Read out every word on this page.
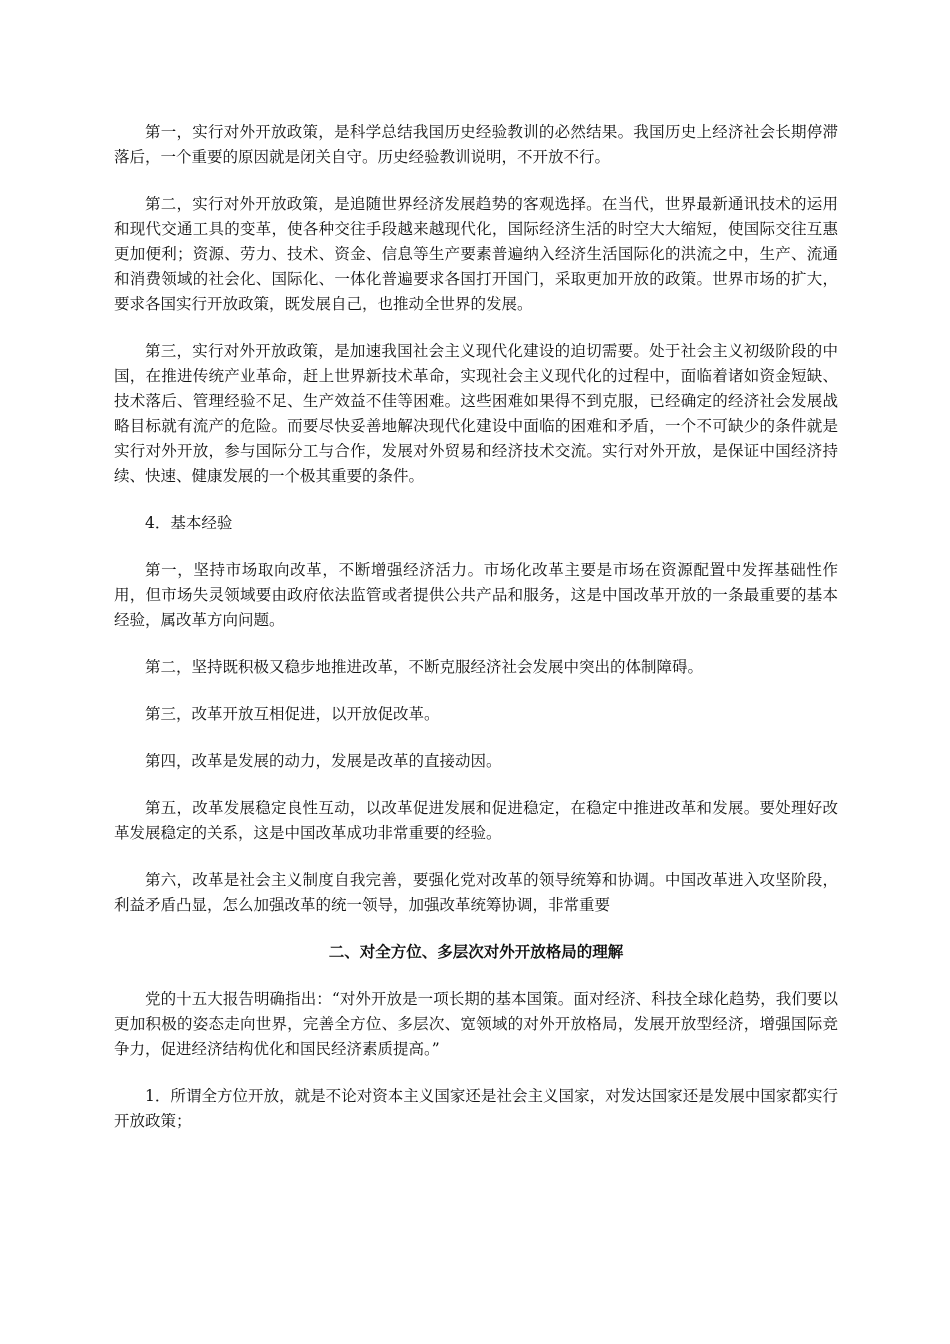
第一，实行对外开放政策，是科学总结我国历史经验教训的必然结果。我国历史上经济社会长期停滞落后，一个重要的原因就是闭关自守。历史经验教训说明，不开放不行。

第二，实行对外开放政策，是追随世界经济发展趋势的客观选择。在当代，世界最新通讯技术的运用和现代交通工具的变革，使各种交往手段越来越现代化，国际经济生活的时空大大缩短，使国际交往互惠更加便利；资源、劳力、技术、资金、信息等生产要素普遍纳入经济生活国际化的洪流之中，生产、流通和消费领域的社会化、国际化、一体化普遍要求各国打开国门，采取更加开放的政策。世界市场的扩大，要求各国实行开放政策，既发展自己，也推动全世界的发展。

第三，实行对外开放政策，是加速我国社会主义现代化建设的迫切需要。处于社会主义初级阶段的中国，在推进传统产业革命，赶上世界新技术革命，实现社会主义现代化的过程中，面临着诸如资金短缺、技术落后、管理经验不足、生产效益不佳等困难。这些困难如果得不到克服，已经确定的经济社会发展战略目标就有流产的危险。而要尽快妥善地解决现代化建设中面临的困难和矛盾，一个不可缺少的条件就是实行对外开放，参与国际分工与合作，发展对外贸易和经济技术交流。实行对外开放，是保证中国经济持续、快速、健康发展的一个极其重要的条件。

4．基本经验

第一，坚持市场取向改革，不断增强经济活力。市场化改革主要是市场在资源配置中发挥基础性作用，但市场失灵领域要由政府依法监管或者提供公共产品和服务，这是中国改革开放的一条最重要的基本经验，属改革方向问题。

第二，坚持既积极又稳步地推进改革，不断克服经济社会发展中突出的体制障碍。

第三，改革开放互相促进，以开放促改革。

第四，改革是发展的动力，发展是改革的直接动因。

第五，改革发展稳定良性互动，以改革促进发展和促进稳定，在稳定中推进改革和发展。要处理好改革发展稳定的关系，这是中国改革成功非常重要的经验。

第六，改革是社会主义制度自我完善，要强化党对改革的领导统筹和协调。中国改革进入攻坚阶段，利益矛盾凸显，怎么加强改革的统一领导，加强改革统筹协调，非常重要

二、对全方位、多层次对外开放格局的理解

党的十五大报告明确指出：“对外开放是一项长期的基本国策。面对经济、科技全球化趋势，我们要以更加积极的姿态走向世界，完善全方位、多层次、宽领域的对外开放格局，发展开放型经济，增强国际竞争力，促进经济结构优化和国民经济素质提高。”

1．所谓全方位开放，就是不论对资本主义国家还是社会主义国家，对发达国家还是发展中国家都实行开放政策；
